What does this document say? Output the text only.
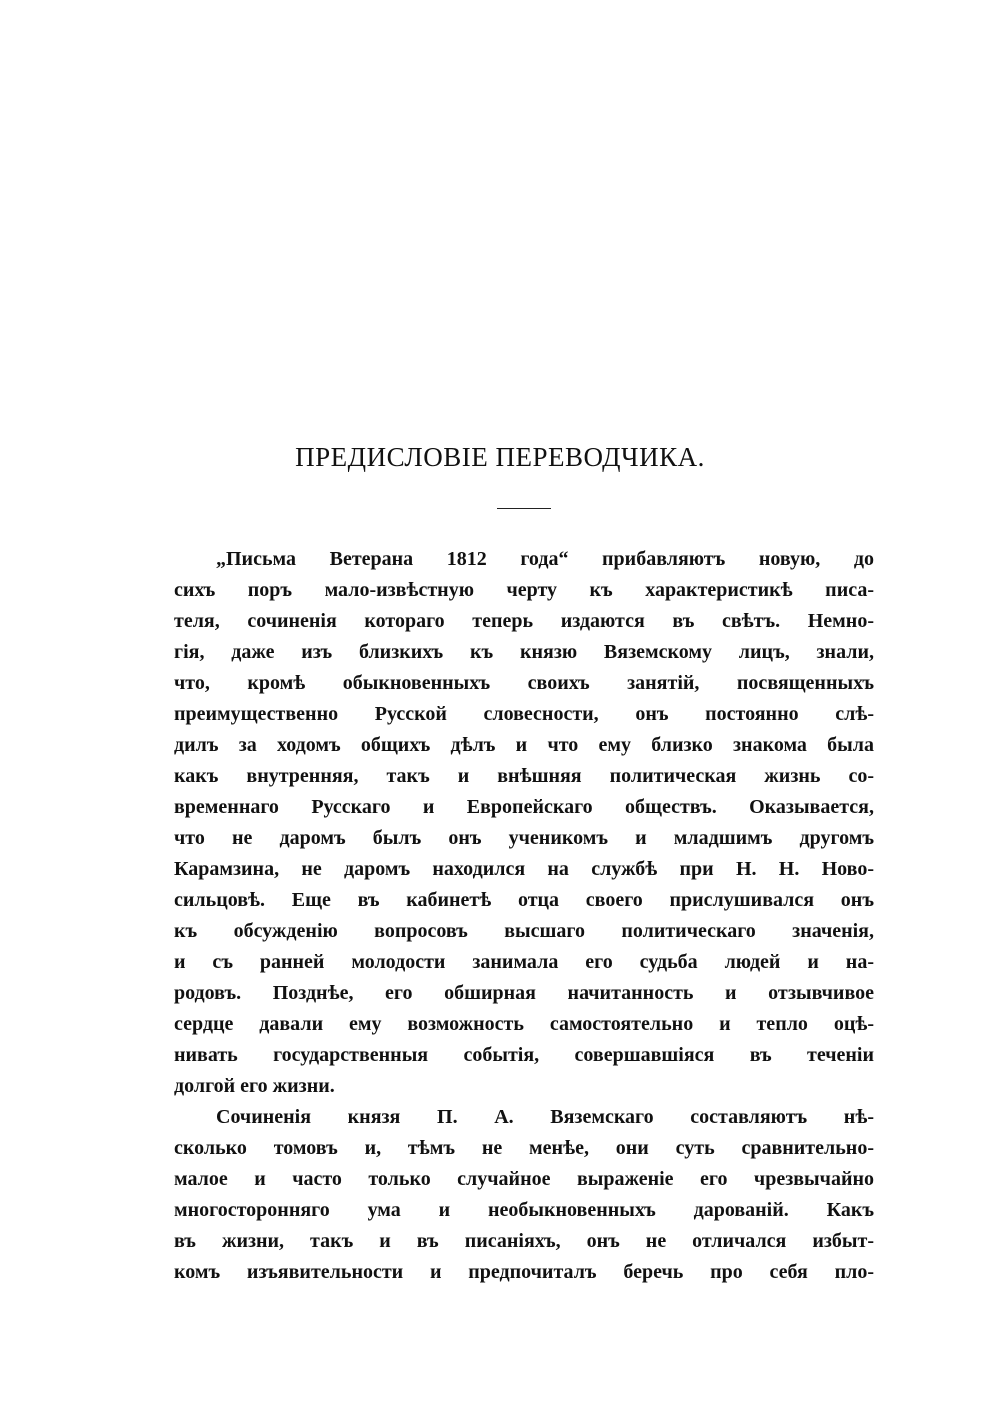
ПРЕДИСЛОВІЕ ПЕРЕВОДЧИКА.
„Письма Ветерана 1812 года“ прибавляютъ новую, до
сихъ поръ мало-извѣстную черту къ характеристикѣ писа-
теля, сочиненія котораго теперь издаются въ свѣтъ. Немно-
гія, даже изъ близкихъ къ князю Вяземскому лицъ, знали,
что, кромѣ обыкновенныхъ своихъ занятій, посвященныхъ
преимущественно Русской словесности, онъ постоянно слѣ-
дилъ за ходомъ общихъ дѣлъ и что ему близко знакома была
какъ внутренняя, такъ и внѣшняя политическая жизнь со-
временнаго Русскаго и Европейскаго обществъ. Оказывается,
что не даромъ былъ онъ ученикомъ и младшимъ другомъ
Карамзина, не даромъ находился на службѣ при Н. Н. Ново-
сильцовѣ. Еще въ кабинетѣ отца своего прислушивался онъ
къ обсужденію вопросовъ высшаго политическаго значенія,
и съ ранней молодости занимала его судьба людей и на-
родовъ. Позднѣе, его обширная начитанность и отзывчивое
сердце давали ему возможность самостоятельно и тепло оцѣ-
нивать государственныя событія, совершавшіяся въ теченіи
долгой его жизни.
Сочиненія князя П. А. Вяземскаго составляютъ нѣ-
сколько томовъ и, тѣмъ не менѣе, они суть сравнительно-
малое и часто только случайное выраженіе его чрезвычайно
многосторонняго ума и необыкновенныхъ дарованій. Какъ
въ жизни, такъ и въ писаніяхъ, онъ не отличался избыт-
комъ изъявительности и предпочиталъ беречь про себя пло-
